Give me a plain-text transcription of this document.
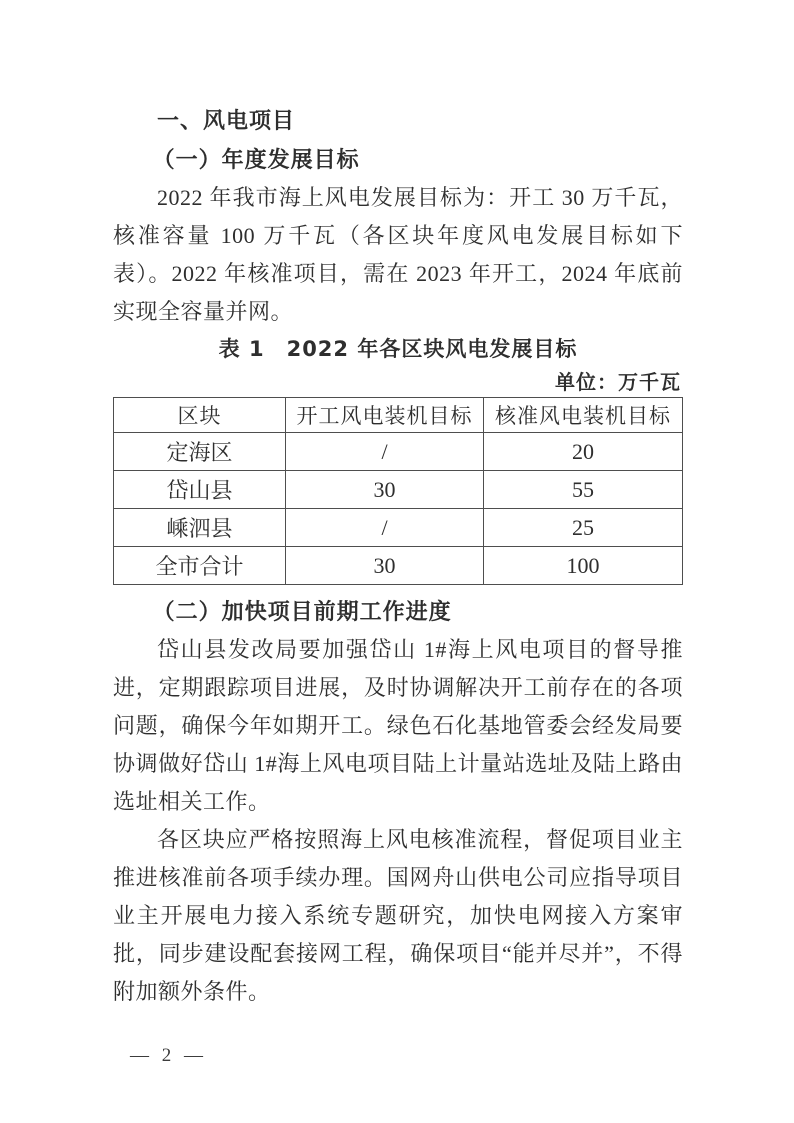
一、风电项目
（一）年度发展目标

2022 年我市海上风电发展目标为：开工 30 万千瓦，核准容量 100 万千瓦（各区块年度风电发展目标如下表）。2022 年核准项目，需在 2023 年开工，2024 年底前实现全容量并网。

表 1　2022 年各区块风电发展目标
单位：万千瓦
区块	开工风电装机目标	核准风电装机目标
定海区	/	20
岱山县	30	55
嵊泗县	/	25
全市合计	30	100
（二）加快项目前期工作进度

岱山县发改局要加强岱山 1#海上风电项目的督导推进，定期跟踪项目进展，及时协调解决开工前存在的各项问题，确保今年如期开工。绿色石化基地管委会经发局要协调做好岱山 1#海上风电项目陆上计量站选址及陆上路由选址相关工作。

各区块应严格按照海上风电核准流程，督促项目业主推进核准前各项手续办理。国网舟山供电公司应指导项目业主开展电力接入系统专题研究，加快电网接入方案审批，同步建设配套接网工程，确保项目“能并尽并”，不得附加额外条件。

— 2 —
